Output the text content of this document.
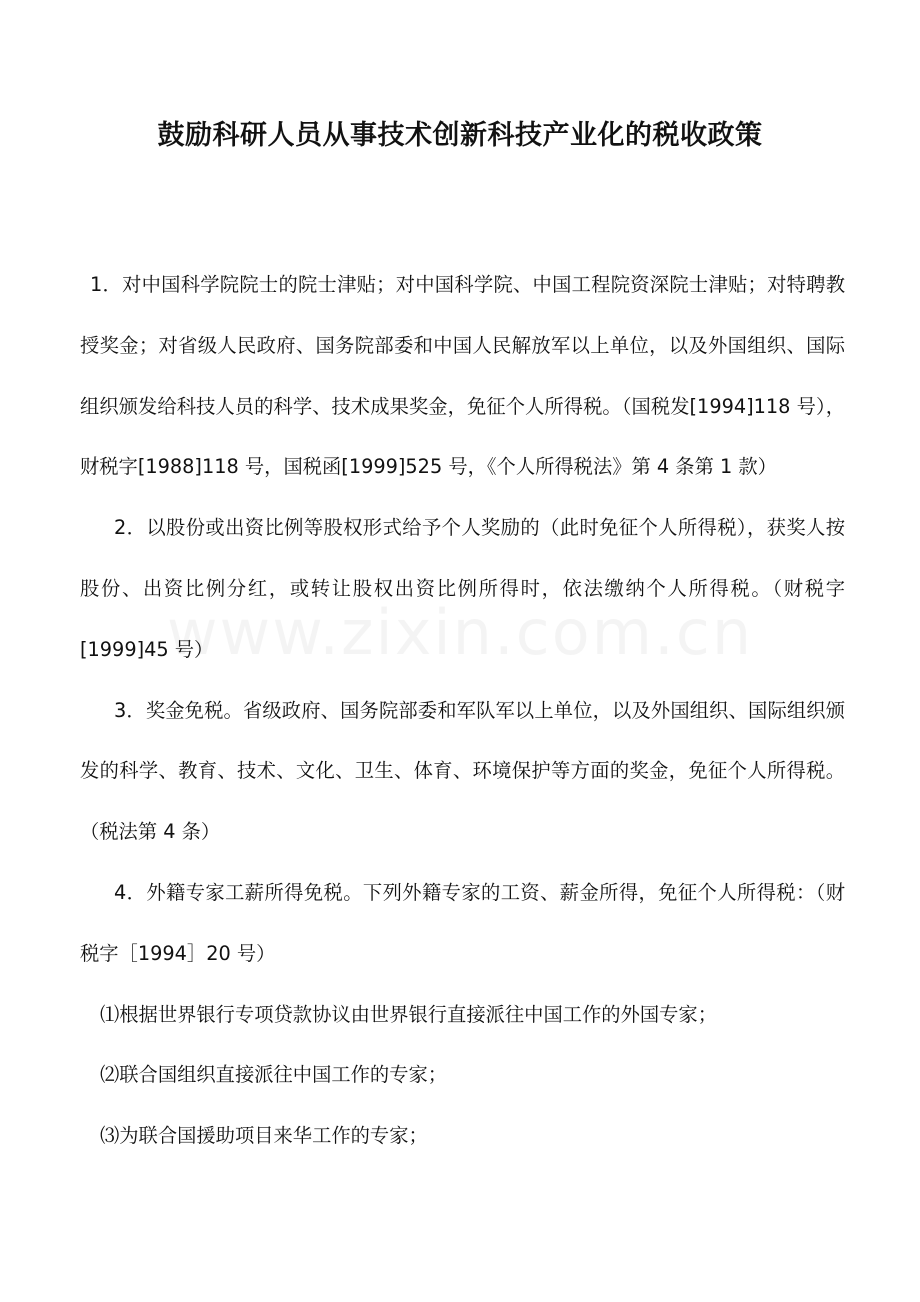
鼓励科研人员从事技术创新科技产业化的税收政策

1．对中国科学院院士的院士津贴；对中国科学院、中国工程院资深院士津贴；对特聘教授奖金；对省级人民政府、国务院部委和中国人民解放军以上单位，以及外国组织、国际组织颁发给科技人员的科学、技术成果奖金，免征个人所得税。（国税发[1994]118 号），财税字[1988]118 号，国税函[1999]525 号，《个人所得税法》第 4 条第 1 款）

2．以股份或出资比例等股权形式给予个人奖励的（此时免征个人所得税），获奖人按股份、出资比例分红，或转让股权出资比例所得时，依法缴纳个人所得税。（财税字[1999]45 号）

3．奖金免税。省级政府、国务院部委和军队军以上单位，以及外国组织、国际组织颁发的科学、教育、技术、文化、卫生、体育、环境保护等方面的奖金，免征个人所得税。（税法第 4 条）

4．外籍专家工薪所得免税。下列外籍专家的工资、薪金所得，免征个人所得税：（财税字［1994］20 号）

⑴根据世界银行专项贷款协议由世界银行直接派往中国工作的外国专家；

⑵联合国组织直接派往中国工作的专家；

⑶为联合国援助项目来华工作的专家；
